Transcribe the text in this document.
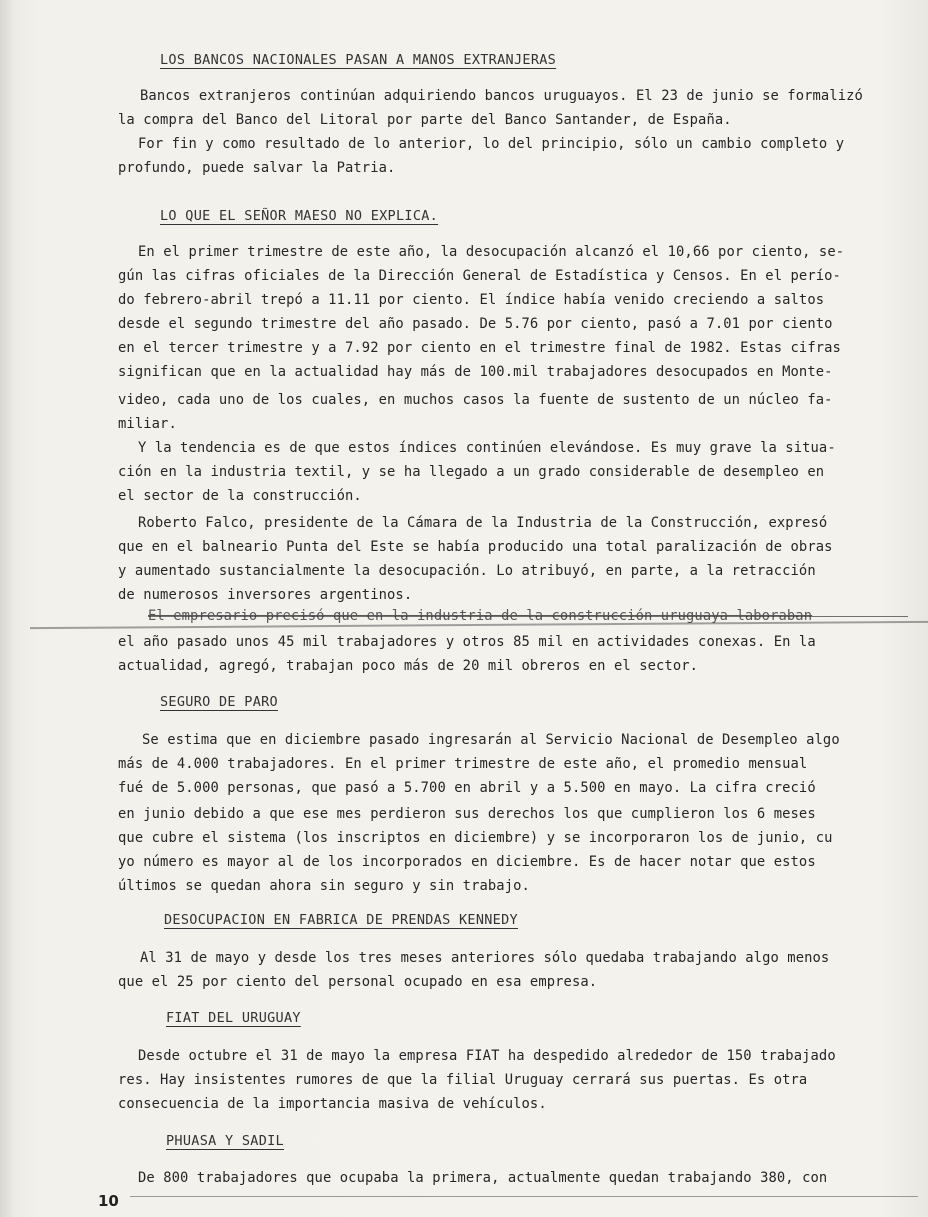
LOS BANCOS NACIONALES PASAN A MANOS EXTRANJERAS
Bancos extranjeros continúan adquiriendo bancos uruguayos. El 23 de junio se formalizó
la compra del Banco del Litoral por parte del Banco Santander, de España.
For fin y como resultado de lo anterior, lo del principio, sólo un cambio completo y
profundo, puede salvar la Patria.
LO QUE EL SEÑOR MAESO NO EXPLICA.
En el primer trimestre de este año, la desocupación alcanzó el 10,66 por ciento, se-
gún las cifras oficiales de la Dirección General de Estadística y Censos. En el perío-
do febrero-abril trepó a 11.11 por ciento. El índice había venido creciendo a saltos
desde el segundo trimestre del año pasado. De 5.76 por ciento, pasó a 7.01 por ciento
en el tercer trimestre y a 7.92 por ciento en el trimestre final de 1982. Estas cifras
significan que en la actualidad hay más de 100.mil trabajadores desocupados en Monte-
video, cada uno de los cuales, en muchos casos la fuente de sustento de un núcleo fa-
miliar.
Y la tendencia es de que estos índices continúen elevándose. Es muy grave la situa-
ción en la industria textil, y se ha llegado a un grado considerable de desempleo en
el sector de la construcción.
Roberto Falco, presidente de la Cámara de la Industria de la Construcción, expresó
que en el balneario Punta del Este se había producido una total paralización de obras
y aumentado sustancialmente la desocupación. Lo atribuyó, en parte, a la retracción
de numerosos inversores argentinos.
El empresario precisó que en la industria de la construcción uruguaya laboraban
el año pasado unos 45 mil trabajadores y otros 85 mil en actividades conexas. En la
actualidad, agregó, trabajan poco más de 20 mil obreros en el sector.
SEGURO DE PARO
Se estima que en diciembre pasado ingresarán al Servicio Nacional de Desempleo algo
más de 4.000 trabajadores. En el primer trimestre de este año, el promedio mensual
fué de 5.000 personas, que pasó a 5.700 en abril y a 5.500 en mayo. La cifra creció
en junio debido a que ese mes perdieron sus derechos los que cumplieron los 6 meses
que cubre el sistema (los inscriptos en diciembre) y se incorporaron los de junio, cu
yo número es mayor al de los incorporados en diciembre. Es de hacer notar que estos
últimos se quedan ahora sin seguro y sin trabajo.
DESOCUPACION EN FABRICA DE PRENDAS KENNEDY
Al 31 de mayo y desde los tres meses anteriores sólo quedaba trabajando algo menos
que el 25 por ciento del personal ocupado en esa empresa.
FIAT DEL URUGUAY
Desde octubre el 31 de mayo la empresa FIAT ha despedido alrededor de 150 trabajado
res. Hay insistentes rumores de que la filial Uruguay cerrará sus puertas. Es otra
consecuencia de la importancia masiva de vehículos.
PHUASA Y SADIL
De 800 trabajadores que ocupaba la primera, actualmente quedan trabajando 380, con
10
